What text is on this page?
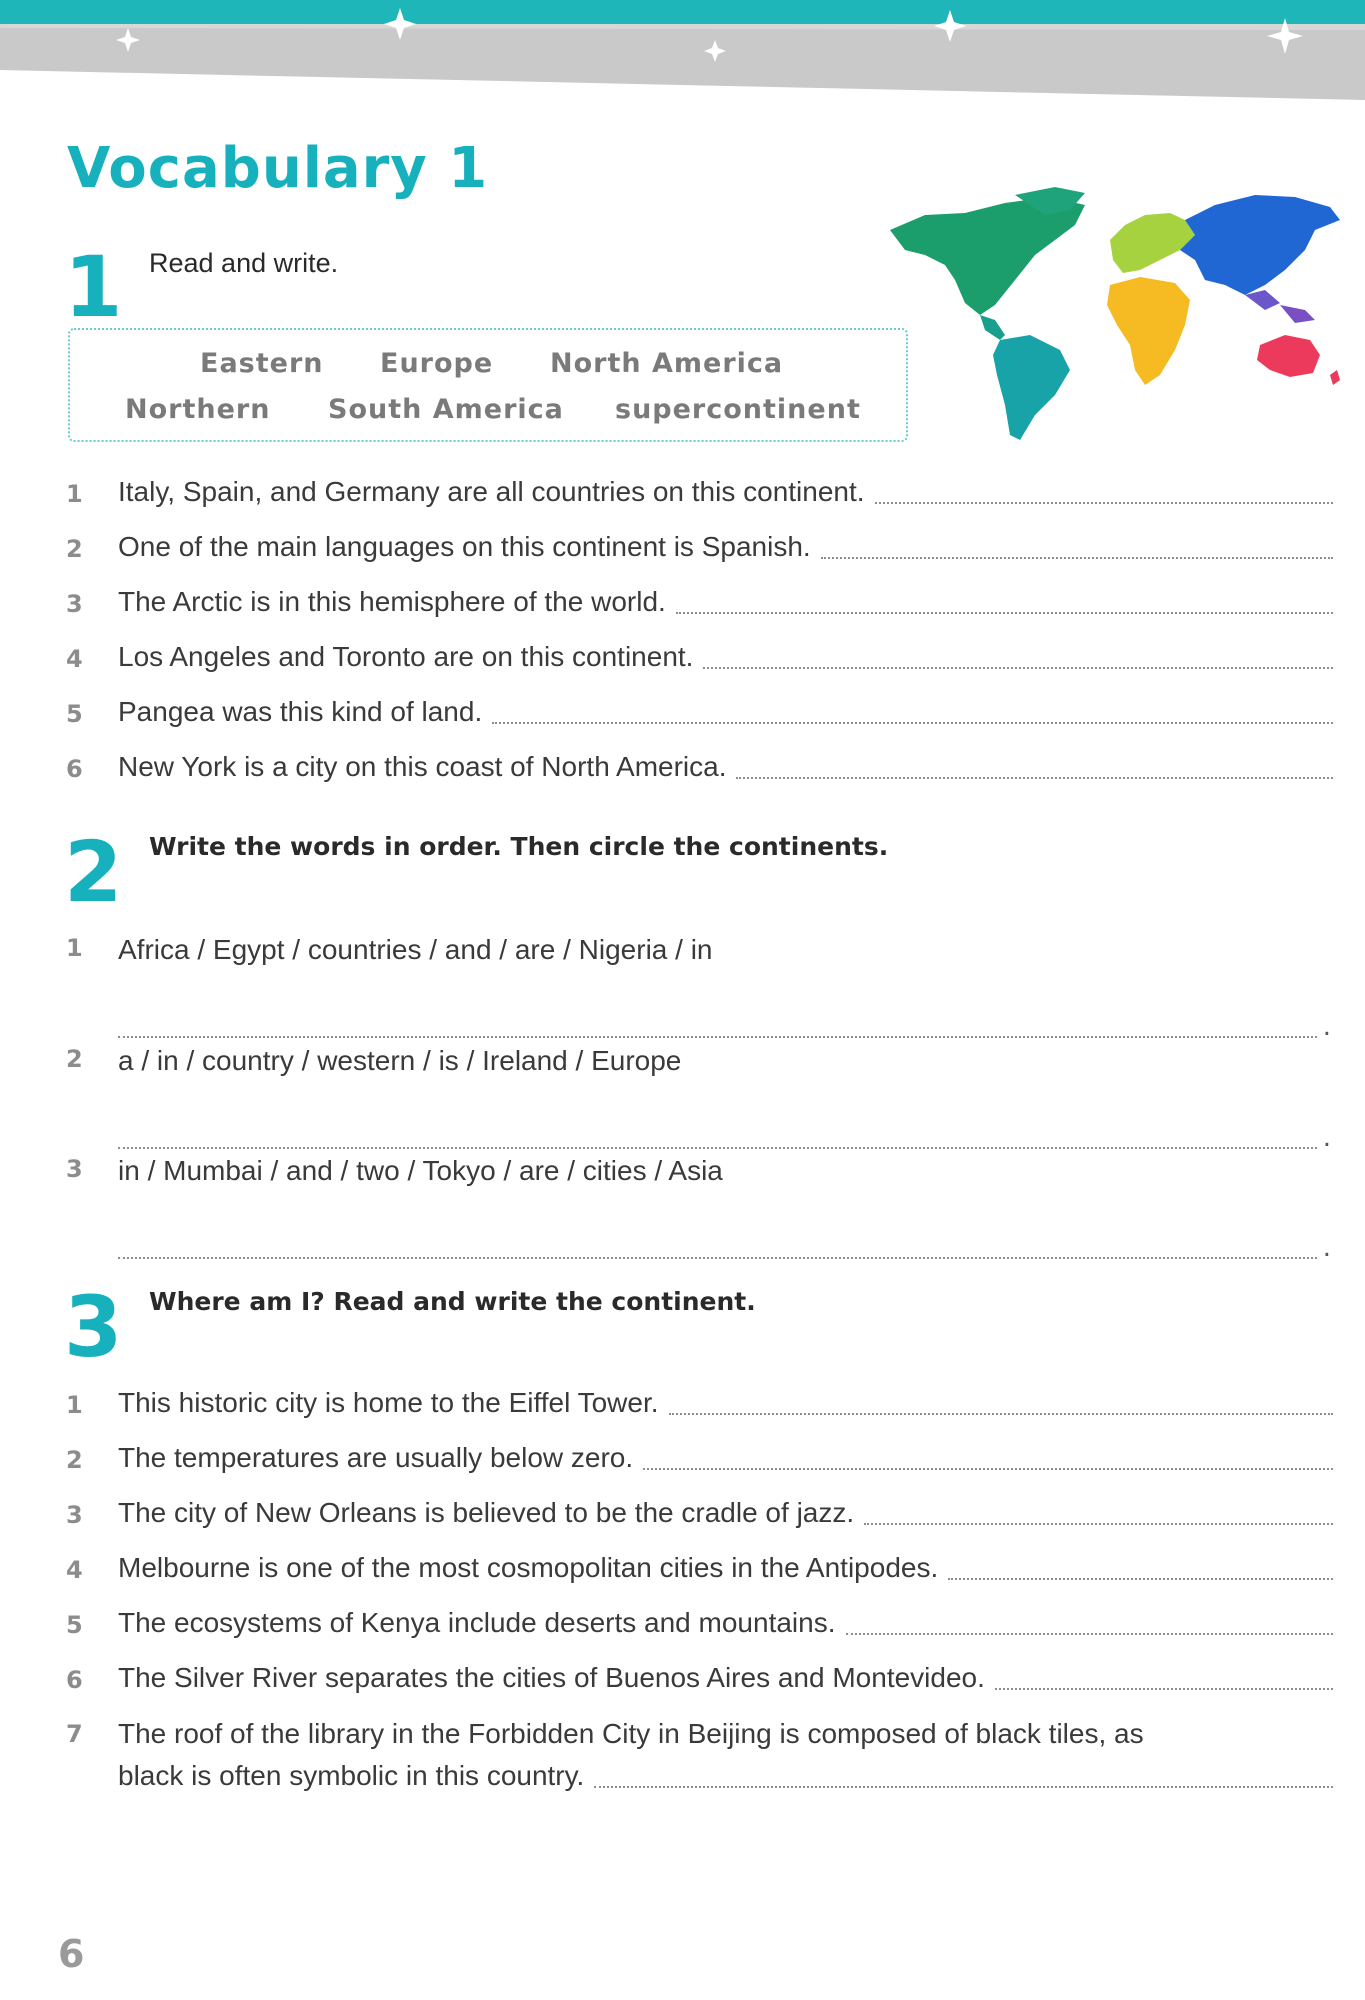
Vocabulary 1
1 Read and write.
Eastern Europe North America
Northern South America supercontinent
1	Italy, Spain, and Germany are all countries on this continent.
2	One of the main languages on this continent is Spanish.
3	The Arctic is in this hemisphere of the world.
4	Los Angeles and Toronto are on this continent.
5	Pangea was this kind of land.
6	New York is a city on this coast of North America.
2 Write the words in order. Then circle the continents.
1	Africa / Egypt / countries / and / are / Nigeria / in
.
2	a / in / country / western / is / Ireland / Europe
.
3	in / Mumbai / and / two / Tokyo / are / cities / Asia
.
3 Where am I? Read and write the continent.
1	This historic city is home to the Eiffel Tower.
2	The temperatures are usually below zero.
3	The city of New Orleans is believed to be the cradle of jazz.
4	Melbourne is one of the most cosmopolitan cities in the Antipodes.
5	The ecosystems of Kenya include deserts and mountains.
6	The Silver River separates the cities of Buenos Aires and Montevideo.
7 The roof of the library in the Forbidden City in Beijing is composed of black tiles, as
black is often symbolic in this country.
6
